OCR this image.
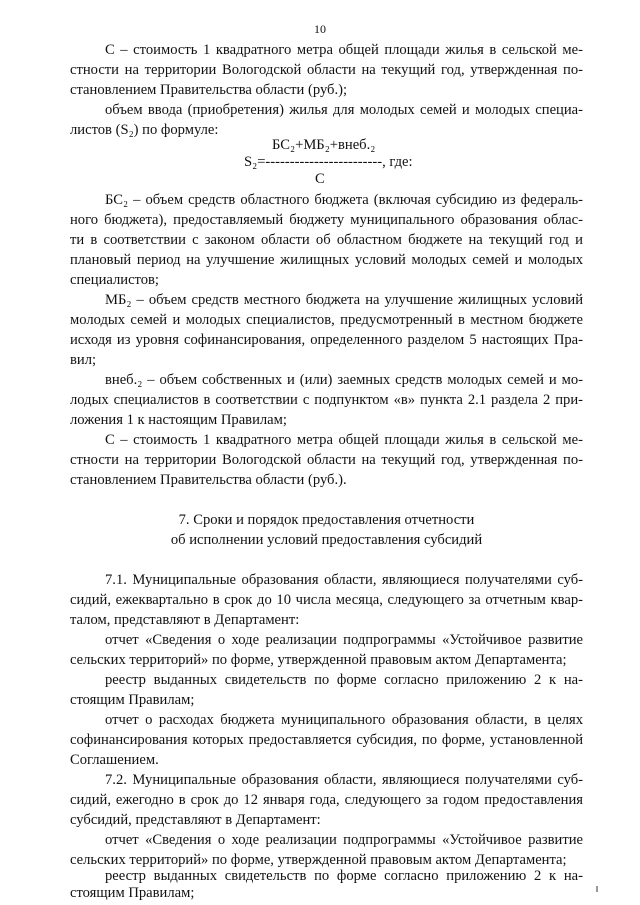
10
С – стоимость 1 квадратного метра общей площади жилья в сельской ме-
стности на территории Вологодской области на текущий год, утвержденная по-
становлением Правительства области (руб.);
объем ввода (приобретения) жилья для молодых семей и молодых специа-
листов (S₂) по формуле:
БС₂+МБ₂+внеб.₂
S₂=------------------------, где:
С
БС₂ – объем средств областного бюджета (включая субсидию из федераль-
ного бюджета), предоставляемый бюджету муниципального образования облас-
ти в соответствии с законом области об областном бюджете на текущий год и
плановый период на улучшение жилищных условий молодых семей и молодых
специалистов;
МБ₂ – объем средств местного бюджета на улучшение жилищных условий
молодых семей и молодых специалистов, предусмотренный в местном бюджете
исходя из уровня софинансирования, определенного разделом 5 настоящих Пра-
вил;
внеб.₂ – объем собственных и (или) заемных средств молодых семей и мо-
лодых специалистов в соответствии с подпунктом «в» пункта 2.1 раздела 2 при-
ложения 1 к настоящим Правилам;
С – стоимость 1 квадратного метра общей площади жилья в сельской ме-
стности на территории Вологодской области на текущий год, утвержденная по-
становлением Правительства области (руб.).
7. Сроки и порядок предоставления отчетности
об исполнении условий предоставления субсидий
7.1. Муниципальные образования области, являющиеся получателями суб-
сидий, ежеквартально в срок до 10 числа месяца, следующего за отчетным квар-
талом, представляют в Департамент:
отчет «Сведения о ходе реализации подпрограммы «Устойчивое развитие
сельских территорий» по форме, утвержденной правовым актом Департамента;
реестр выданных свидетельств по форме согласно приложению 2 к на-
стоящим Правилам;
отчет о расходах бюджета муниципального образования области, в целях
софинансирования которых предоставляется субсидия, по форме, установленной
Соглашением.
7.2. Муниципальные образования области, являющиеся получателями суб-
сидий, ежегодно в срок до 12 января года, следующего за годом предоставления
субсидий, представляют в Департамент:
отчет «Сведения о ходе реализации подпрограммы «Устойчивое развитие
сельских территорий» по форме, утвержденной правовым актом Департамента;
реестр выданных свидетельств по форме согласно приложению 2 к на-
стоящим Правилам;
